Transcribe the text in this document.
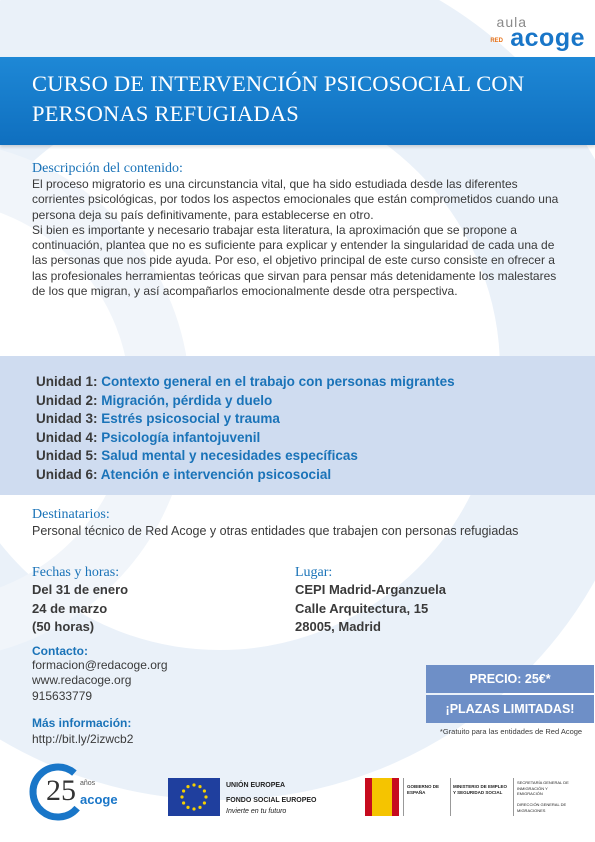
aula
RED acoge
CURSO DE INTERVENCIÓN PSICOSOCIAL CON PERSONAS REFUGIADAS
Descripción del contenido:

El proceso migratorio es una circunstancia vital, que ha sido estudiada desde las diferentes corrientes psicológicas, por todos los aspectos emocionales que están comprometidos cuando una persona deja su país definitivamente, para establecerse en otro.

Si bien es importante y necesario trabajar esta literatura, la aproximación que se propone a continuación, plantea que no es suficiente para explicar y entender la singularidad de cada una de las personas que nos pide ayuda. Por eso, el objetivo principal de este curso consiste en ofrecer a las profesionales herramientas teóricas que sirvan para pensar más detenidamente los malestares de los que migran, y así acompañarlos emocionalmente desde otra perspectiva.

Unidad 1: Contexto general en el trabajo con personas migrantes
Unidad 2: Migración, pérdida y duelo
Unidad 3: Estrés psicosocial y trauma
Unidad 4: Psicología infantojuvenil
Unidad 5: Salud mental y necesidades específicas
Unidad 6: Atención e intervención psicosocial
Destinatarios:
Personal técnico de Red Acoge y otras entidades que trabajen con personas refugiadas
Fechas y horas:
Del 31 de enero
24 de marzo
(50 horas)
Lugar:
CEPI Madrid-Arganzuela
Calle Arquitectura, 15
28005, Madrid
Contacto:
formacion@redacoge.org
www.redacoge.org
915633779
Más información:
http://bit.ly/2izwcb2
PRECIO: 25€*
¡PLAZAS LIMITADAS!
*Gratuito para las entidades de Red Acoge
25 años
acoge
UNIÓN EUROPEA
FONDO SOCIAL EUROPEO
Invierte en tu futuro
GOBIERNO DE ESPAÑA
MINISTERIO DE EMPLEO Y SEGURIDAD SOCIAL
SECRETARÍA GENERAL DE INMIGRACIÓN Y EMIGRACIÓN
DIRECCIÓN GENERAL DE MIGRACIONES
